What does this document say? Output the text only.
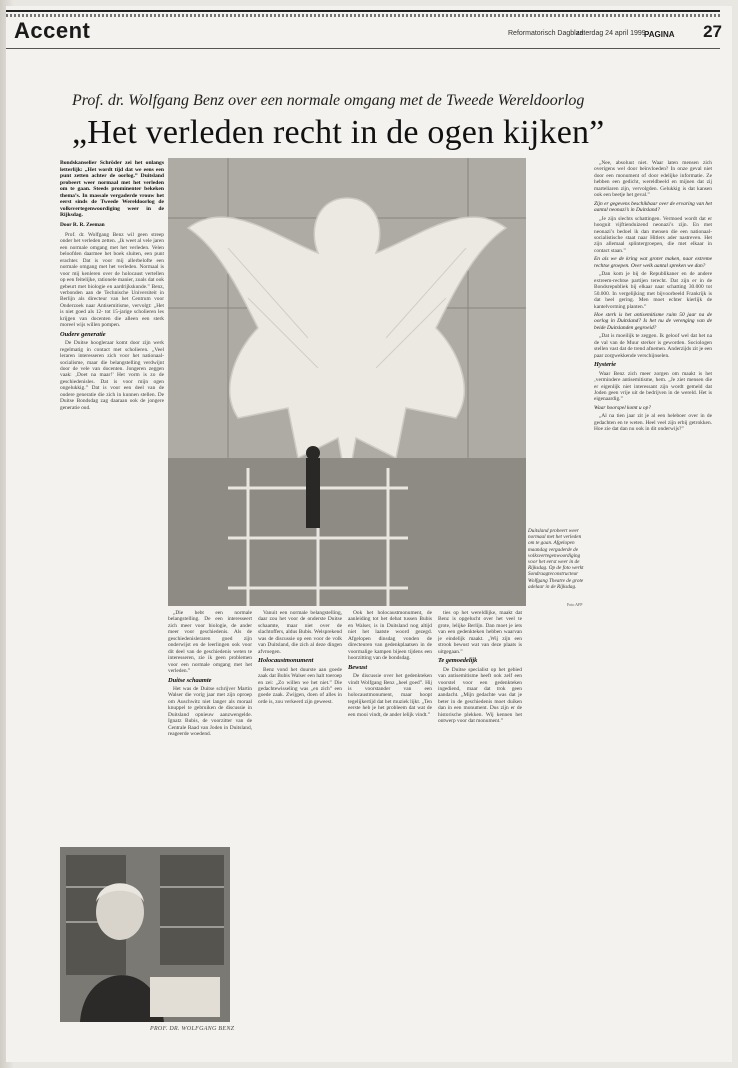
Accent	Reformatorisch Dagblad
zaterdag 24 april 1999
PAGINA 27
Prof. dr. Wolfgang Benz over een normale omgang met de Tweede Wereldoorlog
„Het verleden recht in de ogen kijken”

Bondskanselier Schröder zei het onlangs letterlijk: „Het wordt tijd dat we eens een punt zetten achter de oorlog.” Duitsland probeert weer normaal met het verleden om te gaan. Steeds prominenter bekeken thema’s. In massale vergaderde vrouw het eerst sinds de Tweede Wereldoorlog de volksvertegenwoordiging weer in de Rijksdag.

Door R. R. Zeeman

Prof. dr. Wolfgang Benz wil geen streep onder het verleden zetten. „Ik weet al vele jaren een normale omgang met het verleden. Velen beloofden daarmee het boek sluiten, een punt erachter. Dat is voor mij allerbelofte een normale omgang met het verleden. Normaal is voor mij kenleren over de holocaust vertellen op een feitelijke, rationele manier, zoals dat ook gebeurt met biologie en aardrijkskunde.” Benz, verbonden aan de Technische Universiteit in Berlijn als directeur van het Centrum voor Onderzoek naar Antisemitisme, vervolgt: „Het is niet goed als 12- tot 15-jarige scholieren les krijgen van docenten die alleen een sterk moreel wijs willen pompen.

Oudere generatie

De Duitse hoogleraar komt door zijn werk regelmatig in contact met scholieren. „Veel leraren interesseren zich voor het nationaal-socialisme, maar die belangstelling verdwijnt door de vele van docenten. Jongeren zeggen vaak: ‚Doet na maar!’ Het vorm is zo de geschiedenisles. Dat is voor mijn ogen ongelukkig.” Dat is voor een deel van de oudere generatie die zich in kunnen stellen. De Duitse Bondsdag zag daaraan ook de jongere generatie oud.

Duitsland probeert weer normaal met het verleden om te gaan. Afgelopen maandag vergaderde de volksvertegenwoordiging voor het eerst weer in de Rijksdag. Op de foto werkt Sondraagteconstructeur Wolfgang Theatre de grote adelaar in de Rijksdag.
Foto AFP

„Die hebt een normale belangstelling. De een interesseert zich meer voor biologie, de ander meer voor geschiedenis. Als de geschiedenisleraren goed zijn onderwijst en de leerlingen ook voor dit deel van de geschiedenis weten te interesseren, zie ik geen problemen voor een normale omgang met het verleden.”

Duitse schaamte

Het was de Duitse schrijver Martin Walser die vorig jaar met zijn oproep om Auschwitz niet langer als moraal knuppel te gebruiken de discussie in Duitsland opnieuw aanzwengelde. Ignatz Bubis, de voorzitter van de Centrale Raad van Joden in Duitsland, reageerde woedend.

Vanuit een normale belangstelling, daar zou het voor de onderste Duitse schaamte, maar niet over de slachtoffers, aldus Bubis. Welsprekend was de discussie op een voor de volk van Duitsland, die zich al deze dingen afvroegen.

Holocaustmonument

Benz vond het duurste aan goede zaak dat Bubis Walser een halt toeroep en zei: „Zo willen we het niet.” Die gedachtewisseling was „en zich” een goede zaak. Zwijgen, doen of alles in orde is, zou verkeerd zijn geweest.

Ook het holocaustmonument, de aanleiding tot het debat tussen Bubis en Walser, is in Duitsland nog altijd niet het laatste woord gezegd. Afgelopen dinsdag vonden de directeuren van gedenkplaatsen in de voormalige kampen bijeen tijdens een hoorzitting van de bondsdag.

Bewust

De discussie over het gedenkteken vindt Wolfgang Benz „heel goed”. Hij is voorstander van een holocaustmonument, maar hoopt tegelijkertijd dat het muziek lijkt. „Ten eerste heb je het probleem dat wat de een mooi vindt, de ander lelijk vindt.”

ties op het wereldlijke, maakt dat Benz is opgelucht over het veel te grote, lelijke Berlijn. Dan moet je iets van een gedenkteken hebben waarvan je eindelijk maakt. „Wij zijn een strook bewust wat van deze plaats is uitgegaan.”

Te gemoedelijk

De Duitse specialist op het gebied van antisemitisme heeft ook zelf een voorstel voor een gedenkteken ingediend, maar dat trok geen aandacht. „Mijn gedachte was dat je beter in de geschiedenis moet duiken dan in een monument. Dus zijn er de historische plekken. Wij kennen het ontwerp voor dat monument.”

„Nee, absoluut niet. Waar laten mensen zich overigens wel door beïnvloeden? In onze geval niet door een monument of door edelijke informatie. Ze hebben een gedicht, wereldbeeld en mijnen dat zij marteliaren zijn, vervolgden. Gelukkig is dat kansen ook een beetje het geval.”

Zijn er gegevens beschikbaar over de ervaring van het aantal neonazi’s in Duitsland?

„Je zijn slechts schattingen. Vermoed wordt dat er hooguit vijftienduizend neonazi’s zijn. En met neonazi’s bedoel ik dan mensen die een nationaal-socialistische staat naar Hitlers ader nastreven. Het zijn allemaal splintergroepen, die met elkaar in contact staan.”

En als we de kring wat groter maken, naar extreme rechtse groepen. Over welk aantal spreken we dan?

„Dan kom je bij de Republikaner en de andere extreem-rechtse partijen terecht. Dat zijn er in de Bondsrepubliek bij elkaar naar schatting 30.000 tot 50.000. In vergelijking met bijvoorbeeld Frankrijk is dat heel gering. Men moet echter kierlijk de kantelvorming planten.”

Hoe sterk is het antisemitisme ruim 50 jaar na de oorlog in Duitsland? Is het nu de verenging van de beide Duitslanden gegroeid?

„Dat is moeilijk te zeggen. Ik geloof wel dat het na de val van de Muur sterker is geworden. Sociologen stellen vast dat de trend afnemen. Anderzijds zit je een paar zorgwekkende verschijnselen.

Hysterie

Waar Benz zich meer zorgen om maakt is het ‚vermindere antisemitisme, hem. „Je ziet mensen die er eigenlijk niet interessant zijn wordt gemeld dat Joden geen vrije uit de bedrijven in de wereld. Het is eigenaardig.”

Waar hoorspel komt u op?

„Al na tien jaar zit je al een heleboer over in de gedachten en te weten. Heel veel zijn erbij getrokken. Hoe zie dat dan nu ook in dit onderwijs?”

PROF. DR. WOLFGANG BENZ
